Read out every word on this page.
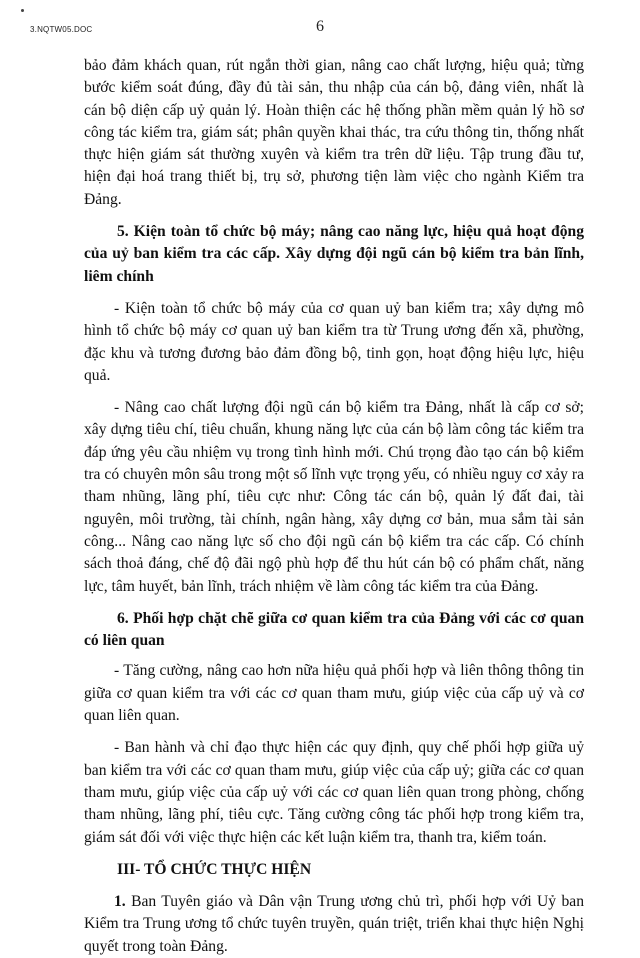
3.NQTW05.DOC	6

bảo đảm khách quan, rút ngắn thời gian, nâng cao chất lượng, hiệu quả; từng bước kiểm soát đúng, đầy đủ tài sản, thu nhập của cán bộ, đảng viên, nhất là cán bộ diện cấp uỷ quản lý. Hoàn thiện các hệ thống phần mềm quản lý hồ sơ công tác kiểm tra, giám sát; phân quyền khai thác, tra cứu thông tin, thống nhất thực hiện giám sát thường xuyên và kiểm tra trên dữ liệu. Tập trung đầu tư, hiện đại hoá trang thiết bị, trụ sở, phương tiện làm việc cho ngành Kiểm tra Đảng.

5. Kiện toàn tổ chức bộ máy; nâng cao năng lực, hiệu quả hoạt động của uỷ ban kiểm tra các cấp. Xây dựng đội ngũ cán bộ kiểm tra bản lĩnh, liêm chính

- Kiện toàn tổ chức bộ máy của cơ quan uỷ ban kiểm tra; xây dựng mô hình tổ chức bộ máy cơ quan uỷ ban kiểm tra từ Trung ương đến xã, phường, đặc khu và tương đương bảo đảm đồng bộ, tinh gọn, hoạt động hiệu lực, hiệu quả.

- Nâng cao chất lượng đội ngũ cán bộ kiểm tra Đảng, nhất là cấp cơ sở; xây dựng tiêu chí, tiêu chuẩn, khung năng lực của cán bộ làm công tác kiểm tra đáp ứng yêu cầu nhiệm vụ trong tình hình mới. Chú trọng đào tạo cán bộ kiểm tra có chuyên môn sâu trong một số lĩnh vực trọng yếu, có nhiều nguy cơ xảy ra tham nhũng, lãng phí, tiêu cực như: Công tác cán bộ, quản lý đất đai, tài nguyên, môi trường, tài chính, ngân hàng, xây dựng cơ bản, mua sắm tài sản công... Nâng cao năng lực số cho đội ngũ cán bộ kiểm tra các cấp. Có chính sách thoả đáng, chế độ đãi ngộ phù hợp để thu hút cán bộ có phẩm chất, năng lực, tâm huyết, bản lĩnh, trách nhiệm về làm công tác kiểm tra của Đảng.

6. Phối hợp chặt chẽ giữa cơ quan kiểm tra của Đảng với các cơ quan có liên quan

- Tăng cường, nâng cao hơn nữa hiệu quả phối hợp và liên thông thông tin giữa cơ quan kiểm tra với các cơ quan tham mưu, giúp việc của cấp uỷ và cơ quan liên quan.

- Ban hành và chỉ đạo thực hiện các quy định, quy chế phối hợp giữa uỷ ban kiểm tra với các cơ quan tham mưu, giúp việc của cấp uỷ; giữa các cơ quan tham mưu, giúp việc của cấp uỷ với các cơ quan liên quan trong phòng, chống tham nhũng, lãng phí, tiêu cực. Tăng cường công tác phối hợp trong kiểm tra, giám sát đối với việc thực hiện các kết luận kiểm tra, thanh tra, kiểm toán.

III- TỔ CHỨC THỰC HIỆN

1. Ban Tuyên giáo và Dân vận Trung ương chủ trì, phối hợp với Uỷ ban Kiểm tra Trung ương tổ chức tuyên truyền, quán triệt, triển khai thực hiện Nghị quyết trong toàn Đảng.
